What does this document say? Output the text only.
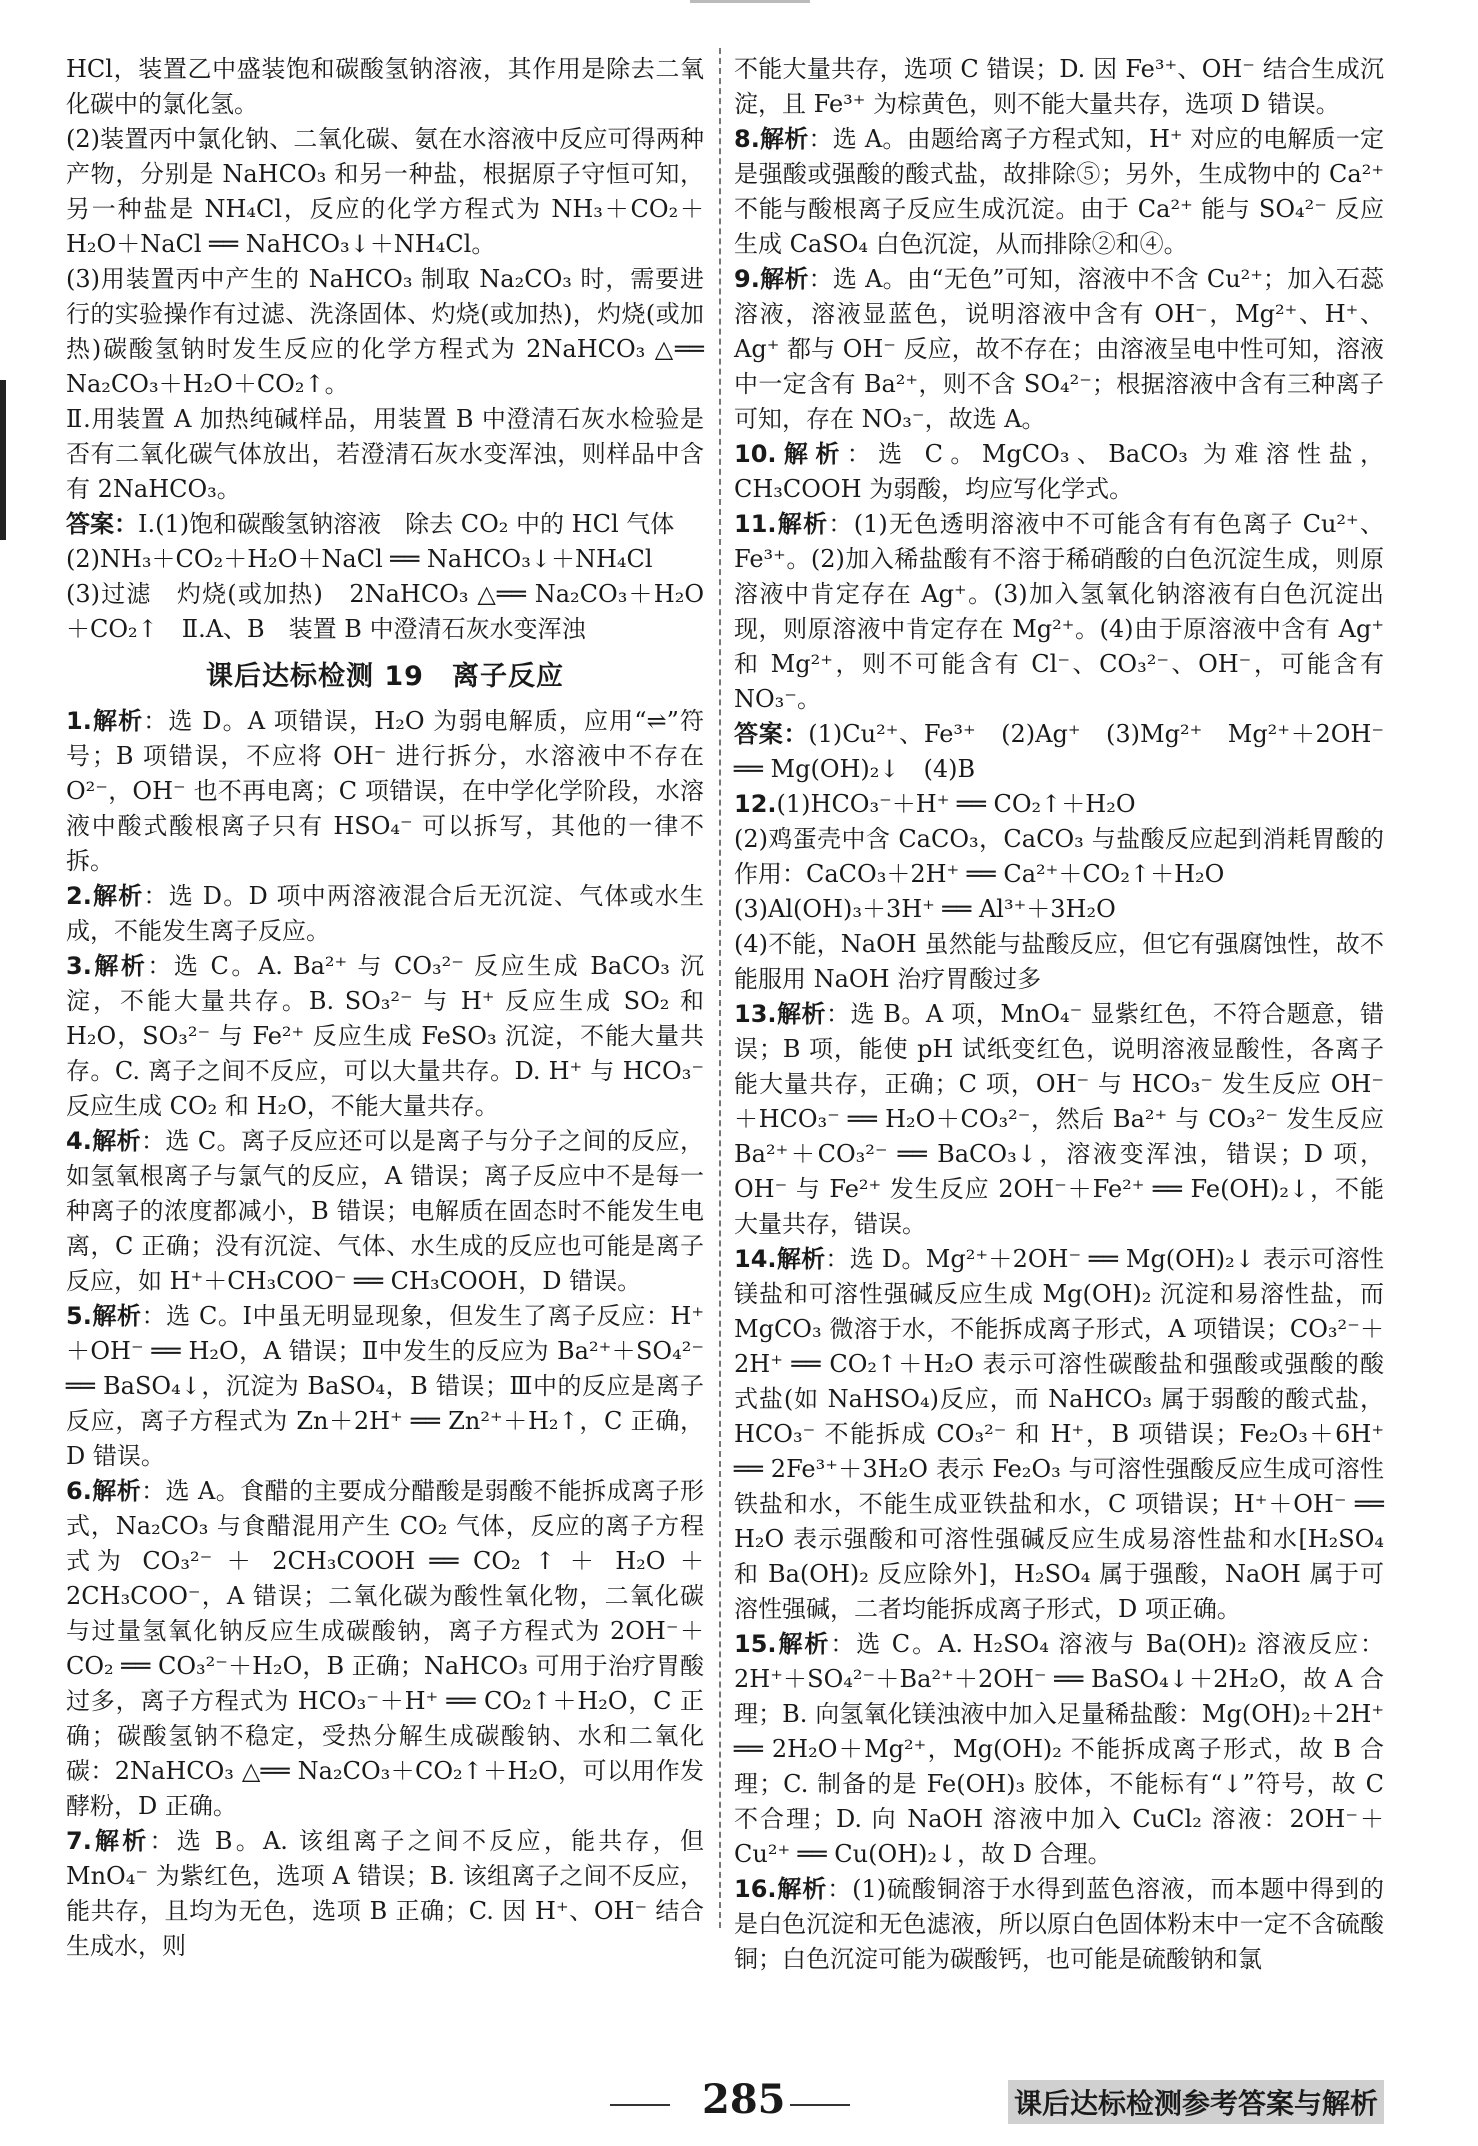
HCl，装置乙中盛装饱和碳酸氢钠溶液，其作用是除去二氧化碳中的氯化氢。

(2)装置丙中氯化钠、二氧化碳、氨在水溶液中反应可得两种产物，分别是 NaHCO₃ 和另一种盐，根据原子守恒可知，另一种盐是 NH₄Cl，反应的化学方程式为 NH₃＋CO₂＋H₂O＋NaCl ══ NaHCO₃↓＋NH₄Cl。

(3)用装置丙中产生的 NaHCO₃ 制取 Na₂CO₃ 时，需要进行的实验操作有过滤、洗涤固体、灼烧(或加热)，灼烧(或加热)碳酸氢钠时发生反应的化学方程式为 2NaHCO₃ △══ Na₂CO₃＋H₂O＋CO₂↑。

Ⅱ.用装置 A 加热纯碱样品，用装置 B 中澄清石灰水检验是否有二氧化碳气体放出，若澄清石灰水变浑浊，则样品中含有 2NaHCO₃。

答案：Ⅰ.(1)饱和碳酸氢钠溶液　除去 CO₂ 中的 HCl 气体

(2)NH₃＋CO₂＋H₂O＋NaCl ══ NaHCO₃↓＋NH₄Cl

(3)过滤　灼烧(或加热)　2NaHCO₃ △══ Na₂CO₃＋H₂O＋CO₂↑　Ⅱ.A、B　装置 B 中澄清石灰水变浑浊

课后达标检测 19　离子反应

1.解析：选 D。A 项错误，H₂O 为弱电解质，应用“⇌”符号；B 项错误，不应将 OH⁻ 进行拆分，水溶液中不存在 O²⁻，OH⁻ 也不再电离；C 项错误，在中学化学阶段，水溶液中酸式酸根离子只有 HSO₄⁻ 可以拆写，其他的一律不拆。

2.解析：选 D。D 项中两溶液混合后无沉淀、气体或水生成，不能发生离子反应。

3.解析：选 C。A. Ba²⁺ 与 CO₃²⁻ 反应生成 BaCO₃ 沉淀，不能大量共存。B. SO₃²⁻ 与 H⁺ 反应生成 SO₂ 和 H₂O，SO₃²⁻ 与 Fe²⁺ 反应生成 FeSO₃ 沉淀，不能大量共存。C. 离子之间不反应，可以大量共存。D. H⁺ 与 HCO₃⁻ 反应生成 CO₂ 和 H₂O，不能大量共存。

4.解析：选 C。离子反应还可以是离子与分子之间的反应，如氢氧根离子与氯气的反应，A 错误；离子反应中不是每一种离子的浓度都减小，B 错误；电解质在固态时不能发生电离，C 正确；没有沉淀、气体、水生成的反应也可能是离子反应，如 H⁺＋CH₃COO⁻ ══ CH₃COOH，D 错误。

5.解析：选 C。Ⅰ中虽无明显现象，但发生了离子反应：H⁺＋OH⁻ ══ H₂O，A 错误；Ⅱ中发生的反应为 Ba²⁺＋SO₄²⁻ ══ BaSO₄↓，沉淀为 BaSO₄，B 错误；Ⅲ中的反应是离子反应，离子方程式为 Zn＋2H⁺ ══ Zn²⁺＋H₂↑，C 正确，D 错误。

6.解析：选 A。食醋的主要成分醋酸是弱酸不能拆成离子形式，Na₂CO₃ 与食醋混用产生 CO₂ 气体，反应的离子方程式为 CO₃²⁻ ＋ 2CH₃COOH ══ CO₂ ↑ ＋ H₂O ＋ 2CH₃COO⁻，A 错误；二氧化碳为酸性氧化物，二氧化碳与过量氢氧化钠反应生成碳酸钠，离子方程式为 2OH⁻＋CO₂ ══ CO₃²⁻＋H₂O，B 正确；NaHCO₃ 可用于治疗胃酸过多，离子方程式为 HCO₃⁻＋H⁺ ══ CO₂↑＋H₂O，C 正确；碳酸氢钠不稳定，受热分解生成碳酸钠、水和二氧化碳：2NaHCO₃ △══ Na₂CO₃＋CO₂↑＋H₂O，可以用作发酵粉，D 正确。

7.解析：选 B。A. 该组离子之间不反应，能共存，但 MnO₄⁻ 为紫红色，选项 A 错误；B. 该组离子之间不反应，能共存，且均为无色，选项 B 正确；C. 因 H⁺、OH⁻ 结合生成水，则

不能大量共存，选项 C 错误；D. 因 Fe³⁺、OH⁻ 结合生成沉淀，且 Fe³⁺ 为棕黄色，则不能大量共存，选项 D 错误。

8.解析：选 A。由题给离子方程式知，H⁺ 对应的电解质一定是强酸或强酸的酸式盐，故排除⑤；另外，生成物中的 Ca²⁺ 不能与酸根离子反应生成沉淀。由于 Ca²⁺ 能与 SO₄²⁻ 反应生成 CaSO₄ 白色沉淀，从而排除②和④。

9.解析：选 A。由“无色”可知，溶液中不含 Cu²⁺；加入石蕊溶液，溶液显蓝色，说明溶液中含有 OH⁻，Mg²⁺、H⁺、Ag⁺ 都与 OH⁻ 反应，故不存在；由溶液呈电中性可知，溶液中一定含有 Ba²⁺，则不含 SO₄²⁻；根据溶液中含有三种离子可知，存在 NO₃⁻，故选 A。

10.解析：选 C。MgCO₃、BaCO₃ 为难溶性盐，CH₃COOH 为弱酸，均应写化学式。

11.解析：(1)无色透明溶液中不可能含有有色离子 Cu²⁺、Fe³⁺。(2)加入稀盐酸有不溶于稀硝酸的白色沉淀生成，则原溶液中肯定存在 Ag⁺。(3)加入氢氧化钠溶液有白色沉淀出现，则原溶液中肯定存在 Mg²⁺。(4)由于原溶液中含有 Ag⁺ 和 Mg²⁺，则不可能含有 Cl⁻、CO₃²⁻、OH⁻，可能含有 NO₃⁻。

答案：(1)Cu²⁺、Fe³⁺　(2)Ag⁺　(3)Mg²⁺　Mg²⁺＋2OH⁻ ══ Mg(OH)₂↓　(4)B

12.(1)HCO₃⁻＋H⁺ ══ CO₂↑＋H₂O

(2)鸡蛋壳中含 CaCO₃，CaCO₃ 与盐酸反应起到消耗胃酸的作用：CaCO₃＋2H⁺ ══ Ca²⁺＋CO₂↑＋H₂O

(3)Al(OH)₃＋3H⁺ ══ Al³⁺＋3H₂O

(4)不能，NaOH 虽然能与盐酸反应，但它有强腐蚀性，故不能服用 NaOH 治疗胃酸过多

13.解析：选 B。A 项，MnO₄⁻ 显紫红色，不符合题意，错误；B 项，能使 pH 试纸变红色，说明溶液显酸性，各离子能大量共存，正确；C 项，OH⁻ 与 HCO₃⁻ 发生反应 OH⁻＋HCO₃⁻ ══ H₂O＋CO₃²⁻，然后 Ba²⁺ 与 CO₃²⁻ 发生反应 Ba²⁺＋CO₃²⁻ ══ BaCO₃↓，溶液变浑浊，错误；D 项，OH⁻ 与 Fe²⁺ 发生反应 2OH⁻＋Fe²⁺ ══ Fe(OH)₂↓，不能大量共存，错误。

14.解析：选 D。Mg²⁺＋2OH⁻ ══ Mg(OH)₂↓ 表示可溶性镁盐和可溶性强碱反应生成 Mg(OH)₂ 沉淀和易溶性盐，而 MgCO₃ 微溶于水，不能拆成离子形式，A 项错误；CO₃²⁻＋2H⁺ ══ CO₂↑＋H₂O 表示可溶性碳酸盐和强酸或强酸的酸式盐(如 NaHSO₄)反应，而 NaHCO₃ 属于弱酸的酸式盐，HCO₃⁻ 不能拆成 CO₃²⁻ 和 H⁺，B 项错误；Fe₂O₃＋6H⁺ ══ 2Fe³⁺＋3H₂O 表示 Fe₂O₃ 与可溶性强酸反应生成可溶性铁盐和水，不能生成亚铁盐和水，C 项错误；H⁺＋OH⁻ ══ H₂O 表示强酸和可溶性强碱反应生成易溶性盐和水[H₂SO₄ 和 Ba(OH)₂ 反应除外]，H₂SO₄ 属于强酸，NaOH 属于可溶性强碱，二者均能拆成离子形式，D 项正确。

15.解析：选 C。A. H₂SO₄ 溶液与 Ba(OH)₂ 溶液反应：2H⁺＋SO₄²⁻＋Ba²⁺＋2OH⁻ ══ BaSO₄↓＋2H₂O，故 A 合理；B. 向氢氧化镁浊液中加入足量稀盐酸：Mg(OH)₂＋2H⁺ ══ 2H₂O＋Mg²⁺，Mg(OH)₂ 不能拆成离子形式，故 B 合理；C. 制备的是 Fe(OH)₃ 胶体，不能标有“↓”符号，故 C 不合理；D. 向 NaOH 溶液中加入 CuCl₂ 溶液：2OH⁻＋Cu²⁺ ══ Cu(OH)₂↓，故 D 合理。

16.解析：(1)硫酸铜溶于水得到蓝色溶液，而本题中得到的是白色沉淀和无色滤液，所以原白色固体粉末中一定不含硫酸铜；白色沉淀可能为碳酸钙，也可能是硫酸钠和氯

285	课后达标检测参考答案与解析
